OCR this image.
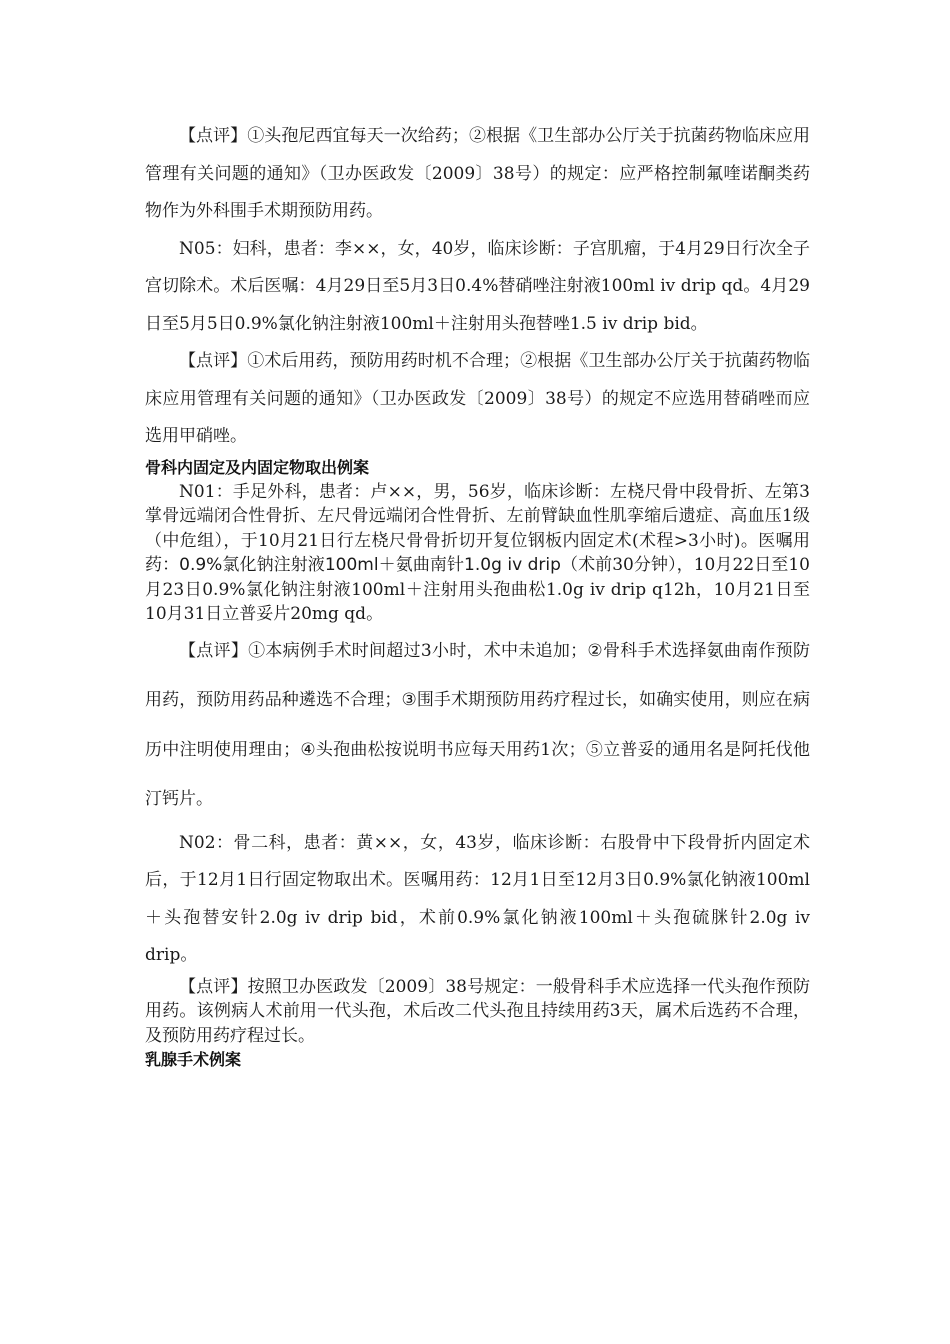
【点评】①头孢尼西宜每天一次给药；②根据《卫生部办公厅关于抗菌药物临床应用管理有关问题的通知》（卫办医政发〔2009〕38号）的规定：应严格控制氟喹诺酮类药物作为外科围手术期预防用药。

N05：妇科，患者：李××，女，40岁，临床诊断：子宫肌瘤，于4月29日行次全子宫切除术。术后医嘱：4月29日至5月3日0.4%替硝唑注射液100ml iv drip qd。4月29日至5月5日0.9%氯化钠注射液100ml＋注射用头孢替唑1.5 iv drip bid。

【点评】①术后用药，预防用药时机不合理；②根据《卫生部办公厅关于抗菌药物临床应用管理有关问题的通知》（卫办医政发〔2009〕38号）的规定不应选用替硝唑而应选用甲硝唑。

骨科内固定及内固定物取出例案

N01：手足外科，患者：卢××，男，56岁，临床诊断：左桡尺骨中段骨折、左第3掌骨远端闭合性骨折、左尺骨远端闭合性骨折、左前臂缺血性肌挛缩后遗症、高血压1级（中危组），于10月21日行左桡尺骨骨折切开复位钢板内固定术(术程>3小时)。医嘱用药：0.9%氯化钠注射液100ml＋氨曲南针1.0g iv drip（术前30分钟），10月22日至10月23日0.9%氯化钠注射液100ml＋注射用头孢曲松1.0g iv drip q12h，10月21日至10月31日立普妥片20mg qd。

【点评】①本病例手术时间超过3小时，术中未追加；②骨科手术选择氨曲南作预防用药，预防用药品种遴选不合理；③围手术期预防用药疗程过长，如确实使用，则应在病历中注明使用理由；④头孢曲松按说明书应每天用药1次；⑤立普妥的通用名是阿托伐他汀钙片。

N02：骨二科，患者：黄××，女，43岁，临床诊断：右股骨中下段骨折内固定术后，于12月1日行固定物取出术。医嘱用药：12月1日至12月3日0.9%氯化钠液100ml＋头孢替安针2.0g iv drip bid，术前0.9%氯化钠液100ml＋头孢硫脒针2.0g iv drip。

【点评】按照卫办医政发〔2009〕38号规定：一般骨科手术应选择一代头孢作预防用药。该例病人术前用一代头孢，术后改二代头孢且持续用药3天，属术后选药不合理，及预防用药疗程过长。

乳腺手术例案
